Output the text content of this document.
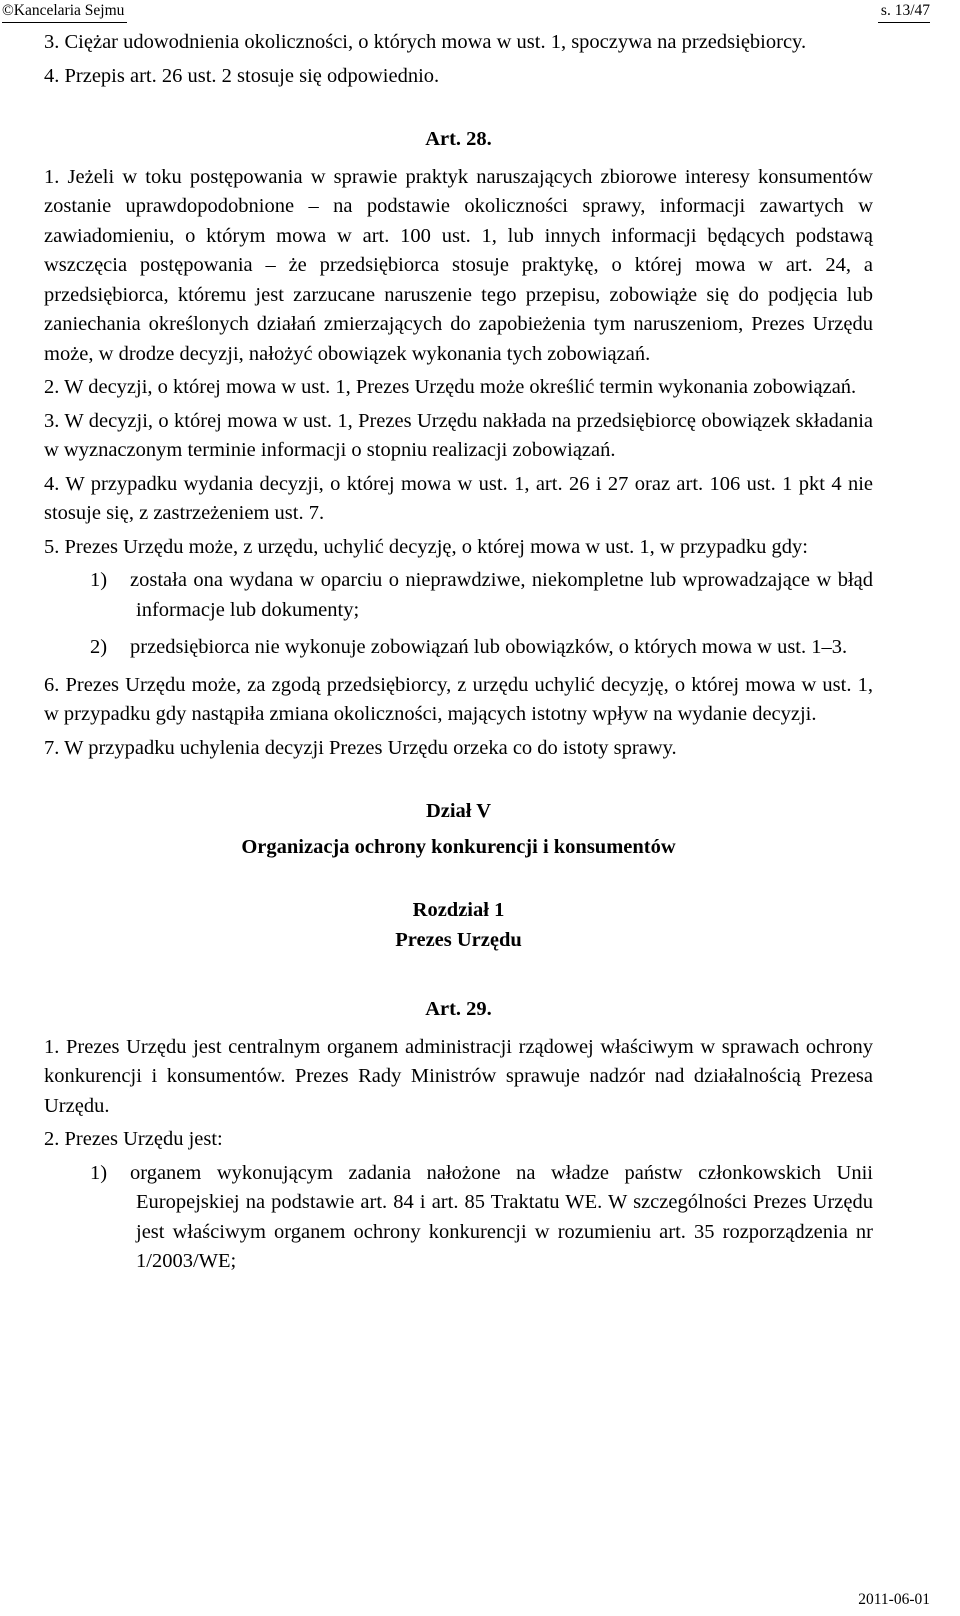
©Kancelaria Sejmu	s. 13/47

3. Ciężar udowodnienia okoliczności, o których mowa w ust. 1, spoczywa na przedsiębiorcy.

4. Przepis art. 26 ust. 2 stosuje się odpowiednio.

Art. 28.

1. Jeżeli w toku postępowania w sprawie praktyk naruszających zbiorowe interesy konsumentów zostanie uprawdopodobnione – na podstawie okoliczności sprawy, informacji zawartych w zawiadomieniu, o którym mowa w art. 100 ust. 1, lub innych informacji będących podstawą wszczęcia postępowania – że przedsiębiorca stosuje praktykę, o której mowa w art. 24, a przedsiębiorca, któremu jest zarzucane naruszenie tego przepisu, zobowiąże się do podjęcia lub zaniechania określonych działań zmierzających do zapobieżenia tym naruszeniom, Prezes Urzędu może, w drodze decyzji, nałożyć obowiązek wykonania tych zobowiązań.

2. W decyzji, o której mowa w ust. 1, Prezes Urzędu może określić termin wykonania zobowiązań.

3. W decyzji, o której mowa w ust. 1, Prezes Urzędu nakłada na przedsiębiorcę obowiązek składania w wyznaczonym terminie informacji o stopniu realizacji zobowiązań.

4. W przypadku wydania decyzji, o której mowa w ust. 1, art. 26 i 27 oraz art. 106 ust. 1 pkt 4 nie stosuje się, z zastrzeżeniem ust. 7.

5. Prezes Urzędu może, z urzędu, uchylić decyzję, o której mowa w ust. 1, w przypadku gdy:

1) została ona wydana w oparciu o nieprawdziwe, niekompletne lub wprowadzające w błąd informacje lub dokumenty;

2) przedsiębiorca nie wykonuje zobowiązań lub obowiązków, o których mowa w ust. 1–3.

6. Prezes Urzędu może, za zgodą przedsiębiorcy, z urzędu uchylić decyzję, o której mowa w ust. 1, w przypadku gdy nastąpiła zmiana okoliczności, mających istotny wpływ na wydanie decyzji.

7. W przypadku uchylenia decyzji Prezes Urzędu orzeka co do istoty sprawy.

Dział V

Organizacja ochrony konkurencji i konsumentów

Rozdział 1

Prezes Urzędu

Art. 29.

1. Prezes Urzędu jest centralnym organem administracji rządowej właściwym w sprawach ochrony konkurencji i konsumentów. Prezes Rady Ministrów sprawuje nadzór nad działalnością Prezesa Urzędu.

2. Prezes Urzędu jest:

1) organem wykonującym zadania nałożone na władze państw członkowskich Unii Europejskiej na podstawie art. 84 i art. 85 Traktatu WE. W szczególności Prezes Urzędu jest właściwym organem ochrony konkurencji w rozumieniu art. 35 rozporządzenia nr 1/2003/WE;

2011-06-01
